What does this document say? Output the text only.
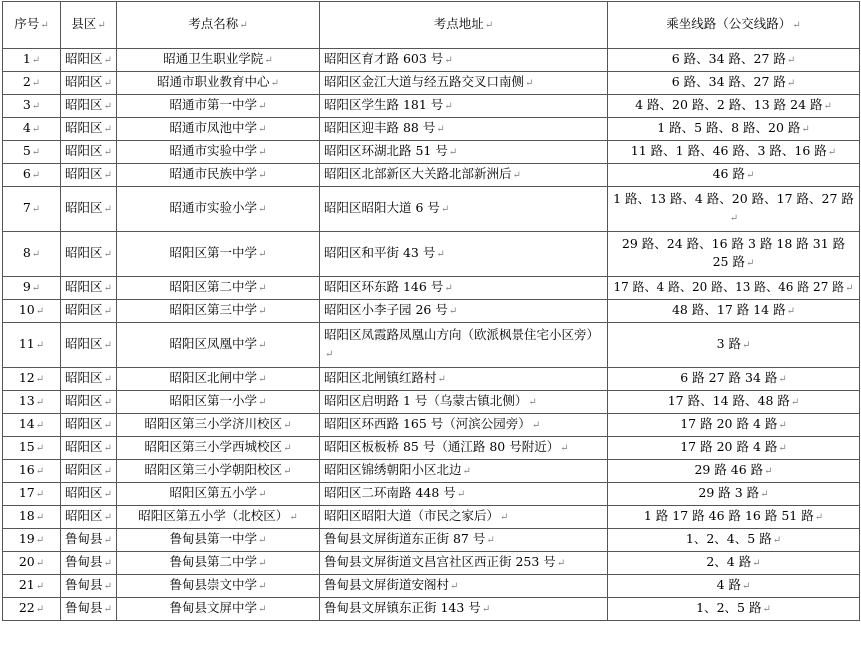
序号 ↵	县区 ↵	考点名称 ↵	考点地址 ↵	乘坐线路（公交线路） ↵
1 ↵	昭阳区 ↵	昭通卫生职业学院 ↵	昭阳区育才路 603 号 ↵	6 路、34 路、27 路 ↵
2 ↵	昭阳区 ↵	昭通市职业教育中心 ↵	昭阳区金江大道与经五路交叉口南侧 ↵	6 路、34 路、27 路 ↵
3 ↵	昭阳区 ↵	昭通市第一中学 ↵	昭阳区学生路 181 号 ↵	4 路、20 路、2 路、13 路 24 路 ↵
4 ↵	昭阳区 ↵	昭通市凤池中学 ↵	昭阳区迎丰路 88 号 ↵	1 路、5 路、8 路、20 路 ↵
5 ↵	昭阳区 ↵	昭通市实验中学 ↵	昭阳区环湖北路 51 号 ↵	11 路、1 路、46 路、3 路、16 路 ↵
6 ↵	昭阳区 ↵	昭通市民族中学 ↵	昭阳区北部新区大关路北部新洲后 ↵	46 路 ↵
7 ↵	昭阳区 ↵	昭通市实验小学 ↵	昭阳区昭阳大道 6 号 ↵	1 路、13 路、4 路、20 路、17 路、27 路 ↵
8 ↵	昭阳区 ↵	昭阳区第一中学 ↵	昭阳区和平街 43 号 ↵	29 路、24 路、16 路 3 路 18 路 31 路 25 路 ↵
9 ↵	昭阳区 ↵	昭阳区第二中学 ↵	昭阳区环东路 146 号 ↵	17 路、4 路、20 路、13 路、46 路 27 路 ↵
10 ↵	昭阳区 ↵	昭阳区第三中学 ↵	昭阳区小李子园 26 号 ↵	48 路、17 路 14 路 ↵
11 ↵	昭阳区 ↵	昭阳区凤凰中学 ↵	昭阳区凤霞路凤凰山方向（欧派枫景住宅小区旁） ↵	3 路 ↵
12 ↵	昭阳区 ↵	昭阳区北闸中学 ↵	昭阳区北闸镇红路村 ↵	6 路 27 路 34 路 ↵
13 ↵	昭阳区 ↵	昭阳区第一小学 ↵	昭阳区启明路 1 号（乌蒙古镇北侧） ↵	17 路、14 路、48 路 ↵
14 ↵	昭阳区 ↵	昭阳区第三小学济川校区 ↵	昭阳区环西路 165 号（河滨公园旁） ↵	17 路 20 路 4 路 ↵
15 ↵	昭阳区 ↵	昭阳区第三小学西城校区 ↵	昭阳区板板桥 85 号（通江路 80 号附近） ↵	17 路 20 路 4 路 ↵
16 ↵	昭阳区 ↵	昭阳区第三小学朝阳校区 ↵	昭阳区锦绣朝阳小区北边 ↵	29 路 46 路 ↵
17 ↵	昭阳区 ↵	昭阳区第五小学 ↵	昭阳区二环南路 448 号 ↵	29 路 3 路 ↵
18 ↵	昭阳区 ↵	昭阳区第五小学（北校区） ↵	昭阳区昭阳大道（市民之家后） ↵	1 路 17 路 46 路 16 路 51 路 ↵
19 ↵	鲁甸县 ↵	鲁甸县第一中学 ↵	鲁甸县文屏街道东正街 87 号 ↵	1、2、4、5 路 ↵
20 ↵	鲁甸县 ↵	鲁甸县第二中学 ↵	鲁甸县文屏街道文昌宫社区西正街 253 号 ↵	2、4 路 ↵
21 ↵	鲁甸县 ↵	鲁甸县崇文中学 ↵	鲁甸县文屏街道安阁村 ↵	4 路 ↵
22 ↵	鲁甸县 ↵	鲁甸县文屏中学 ↵	鲁甸县文屏镇东正街 143 号 ↵	1、2、5 路 ↵
